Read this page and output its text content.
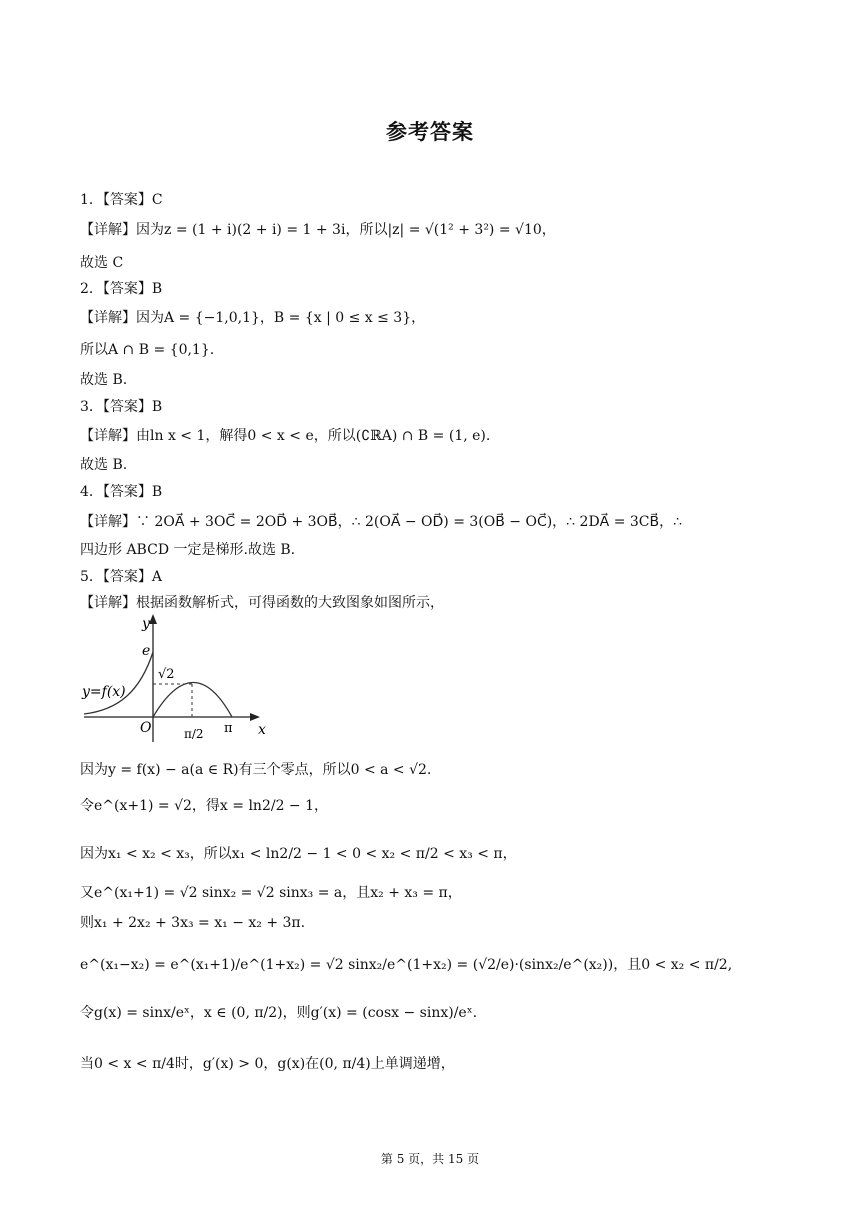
参考答案
1．【答案】C
【详解】因为z = (1 + i)(2 + i) = 1 + 3i，所以|z| = √(1² + 3²) = √10，
故选 C
2．【答案】B
【详解】因为A = {−1,0,1}，B = {x | 0 ≤ x ≤ 3}，
所以A ∩ B = {0,1}.
故选 B.
3．【答案】B
【详解】由ln x < 1，解得0 < x < e，所以(∁ℝA) ∩ B = (1, e).
故选 B.
4．【答案】B
【详解】∵ 2OA⃗ + 3OC⃗ = 2OD⃗ + 3OB⃗，∴ 2(OA⃗ − OD⃗) = 3(OB⃗ − OC⃗)，∴ 2DA⃗ = 3CB⃗，∴
四边形 ABCD 一定是梯形.故选 B.
5．【答案】A
【详解】根据函数解析式，可得函数的大致图象如图所示，
y
x
O
e
√2
y=f(x)
π/2 π
因为y = f(x) − a(a ∈ R)有三个零点，所以0 < a < √2.
令e^(x+1) = √2，得x = ln2/2 − 1，
因为x₁ < x₂ < x₃，所以x₁ < ln2/2 − 1 < 0 < x₂ < π/2 < x₃ < π，
又e^(x₁+1) = √2 sinx₂ = √2 sinx₃ = a，且x₂ + x₃ = π，
则x₁ + 2x₂ + 3x₃ = x₁ − x₂ + 3π.
e^(x₁−x₂) = e^(x₁+1)/e^(1+x₂) = √2 sinx₂/e^(1+x₂) = (√2/e)·(sinx₂/e^(x₂))，且0 < x₂ < π/2,
令g(x) = sinx/eˣ，x ∈ (0, π/2)，则g′(x) = (cosx − sinx)/eˣ.
当0 < x < π/4时，g′(x) > 0，g(x)在(0, π/4)上单调递增，
第 5 页，共 15 页
